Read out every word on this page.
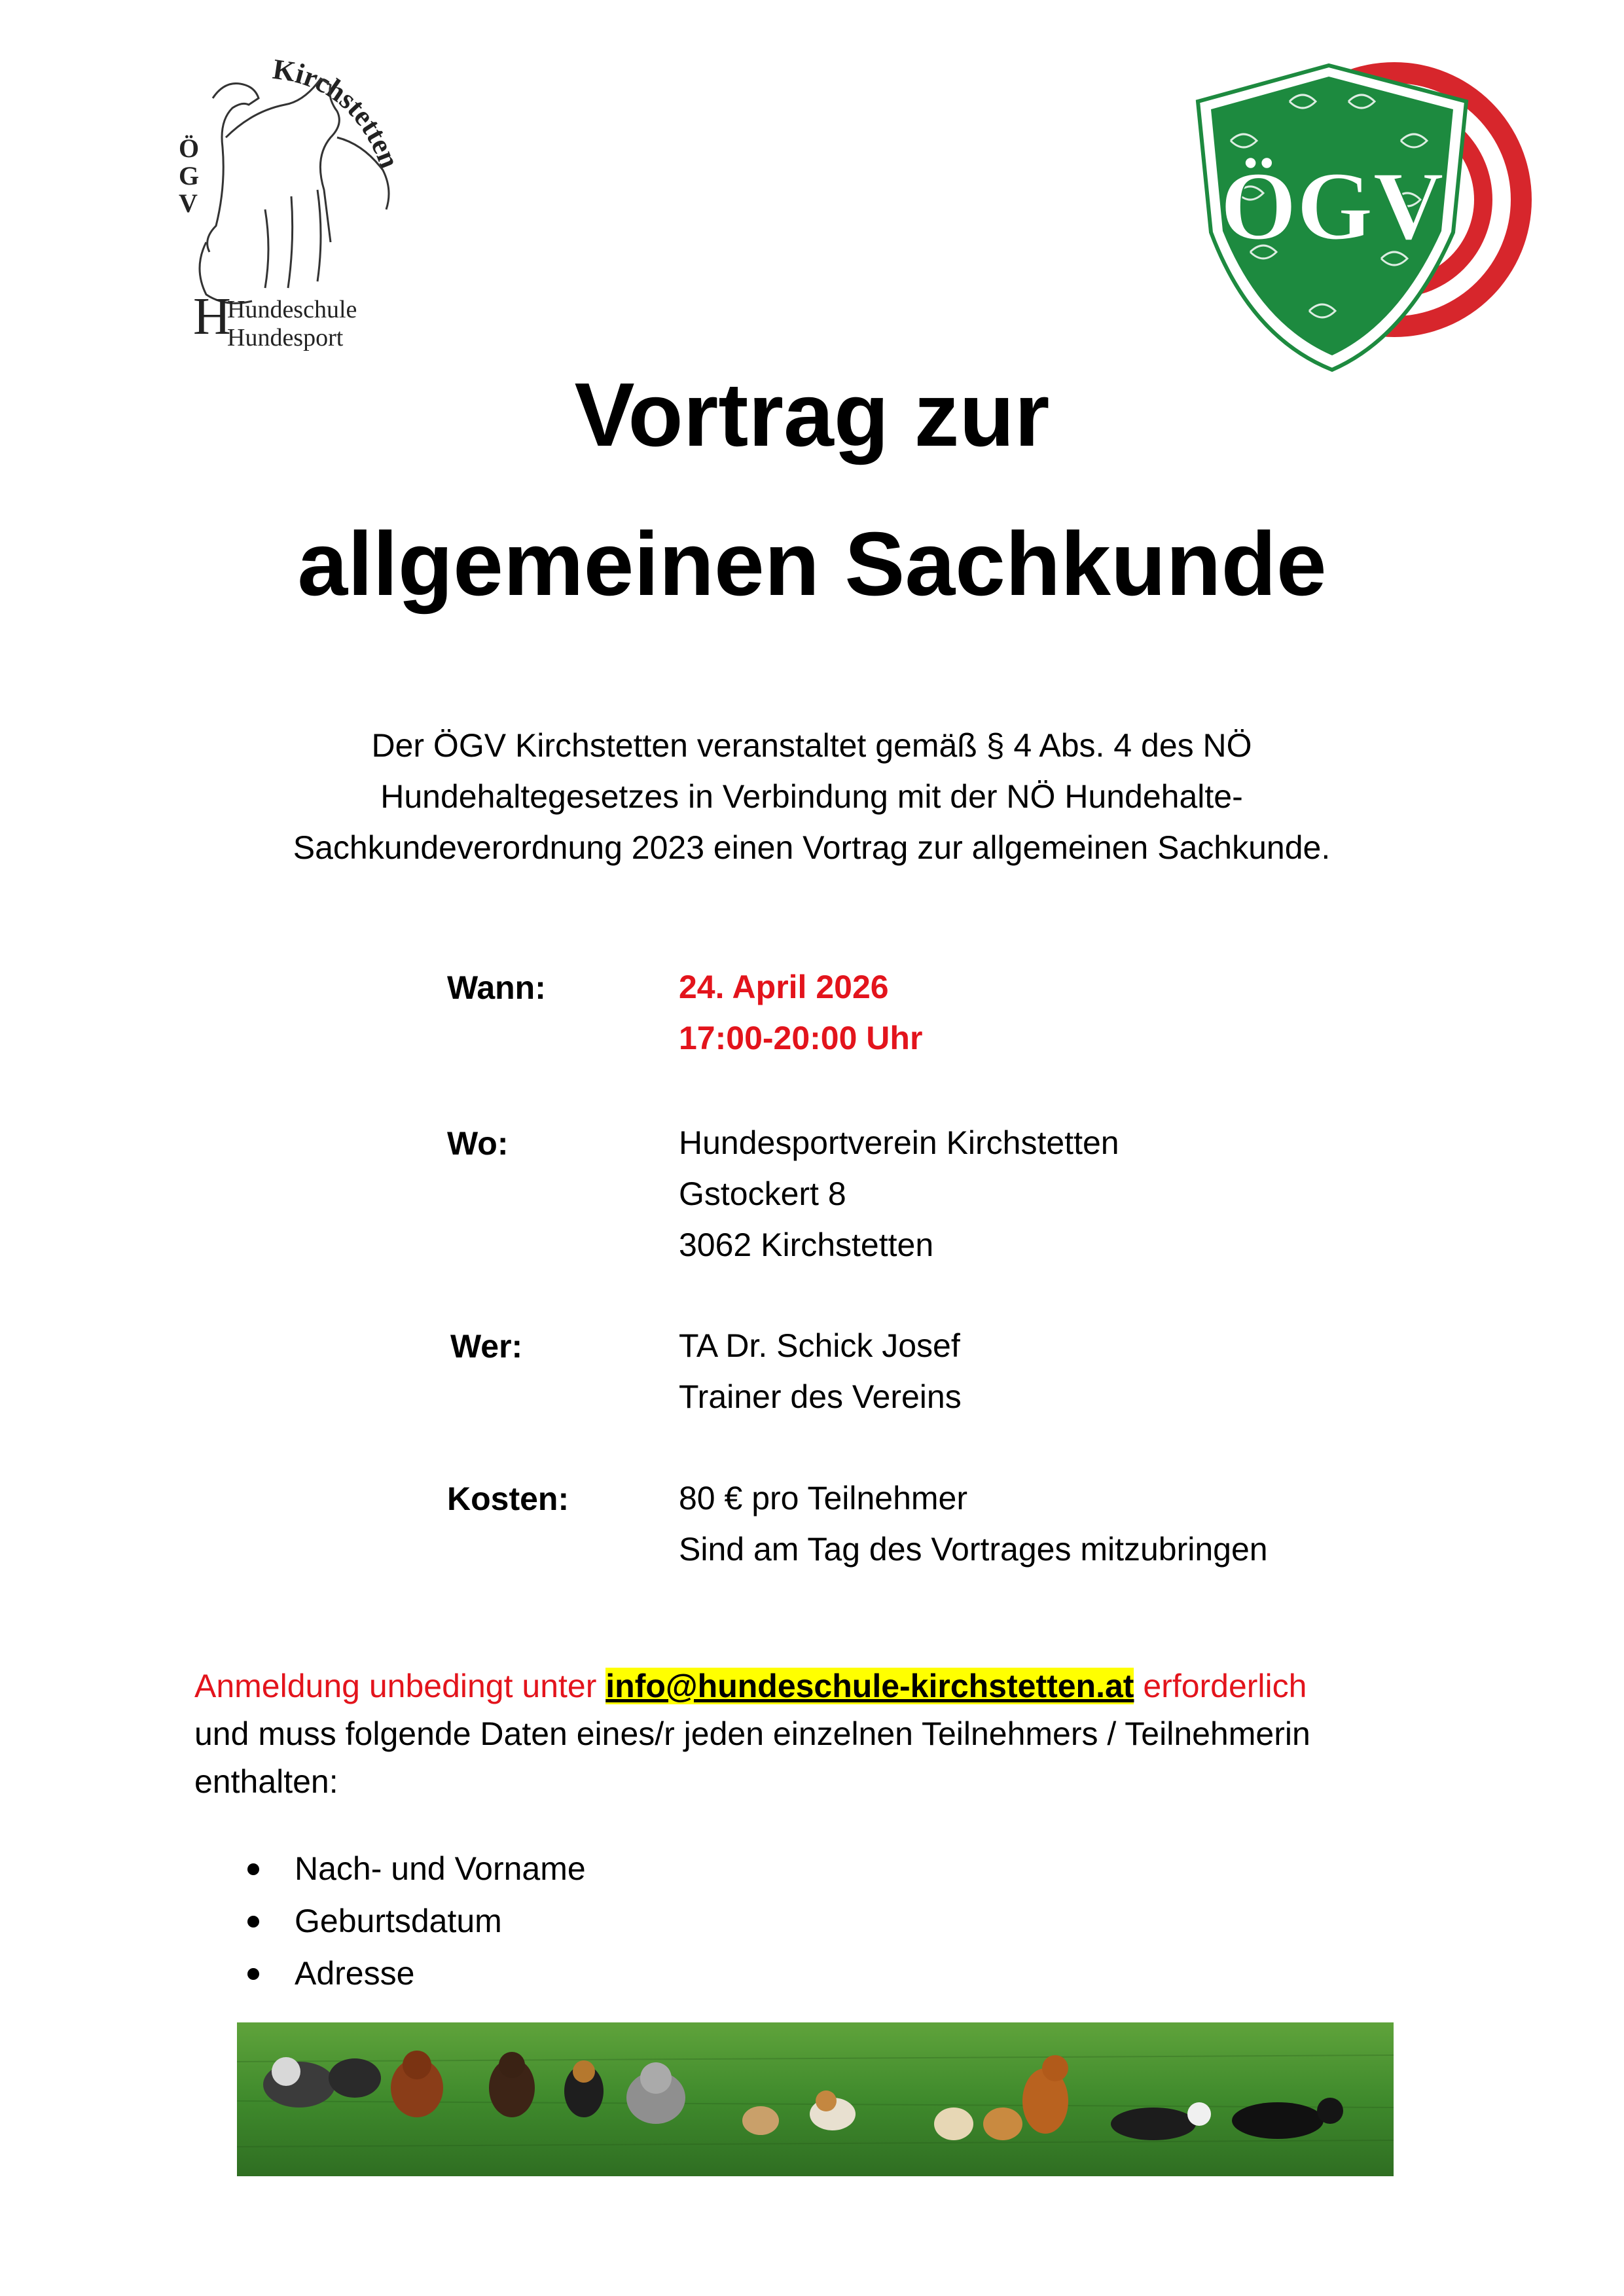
Kirchstetten
Ö G V
H
Hundeschule
Hundesport
ÖGV
Vortrag zur
allgemeinen Sachkunde
Der ÖGV Kirchstetten veranstaltet gemäß § 4 Abs. 4 des NÖ
Hundehaltegesetzes in Verbindung mit der NÖ Hundehalte-
Sachkundeverordnung 2023 einen Vortrag zur allgemeinen Sachkunde.
Wann:	24. April 2026
17:00-20:00 Uhr
Wo:	Hundesportverein Kirchstetten
Gstockert 8
3062 Kirchstetten
Wer:	TA Dr. Schick Josef
Trainer des Vereins
Kosten:	80 € pro Teilnehmer
Sind am Tag des Vortrages mitzubringen
Anmeldung unbedingt unter info@hundeschule-kirchstetten.at erforderlich
und muss folgende Daten eines/r jeden einzelnen Teilnehmers / Teilnehmerin
enthalten:
Nach- und Vorname
Geburtsdatum
Adresse
